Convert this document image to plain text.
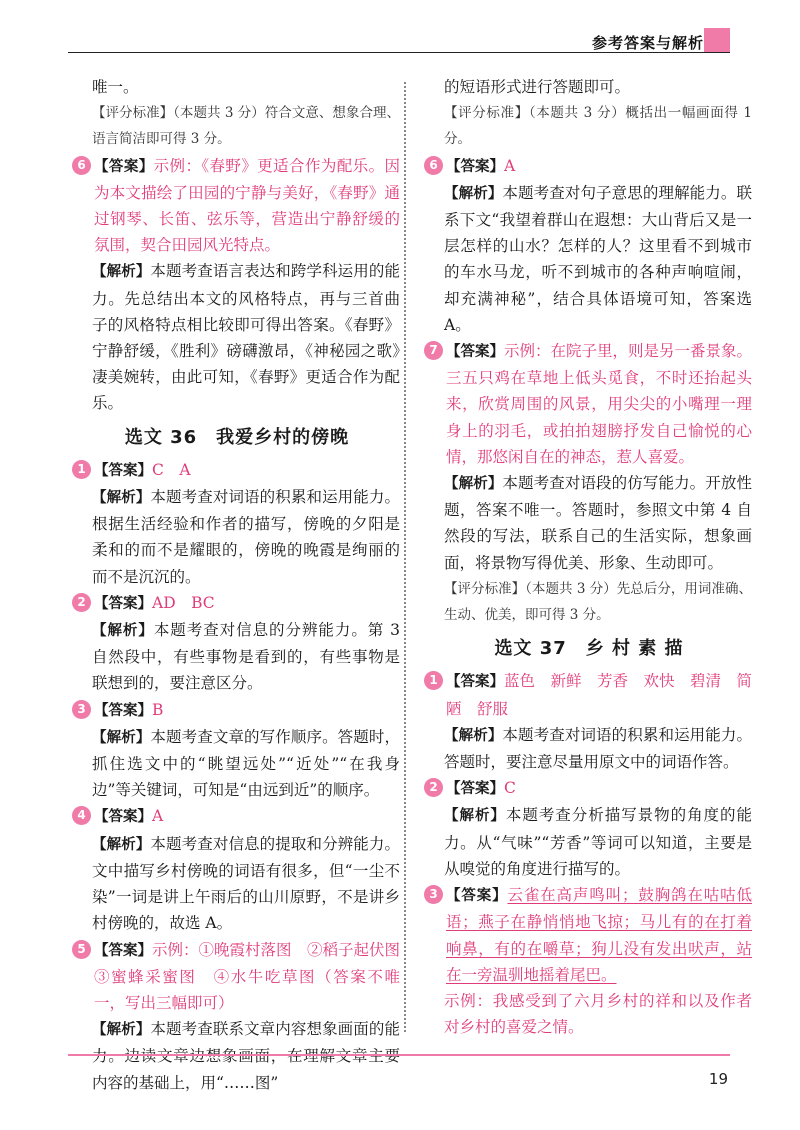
参考答案与解析

唯一。

【评分标准】（本题共 3 分）符合文意、想象合理、语言简洁即可得 3 分。

6 【答案】示例：《春野》更适合作为配乐。因为本文描绘了田园的宁静与美好，《春野》通过钢琴、长笛、弦乐等，营造出宁静舒缓的氛围，契合田园风光特点。

【解析】本题考查语言表达和跨学科运用的能力。先总结出本文的风格特点，再与三首曲子的风格特点相比较即可得出答案。《春野》宁静舒缓，《胜利》磅礴激昂，《神秘园之歌》凄美婉转，由此可知，《春野》更适合作为配乐。

选文 36　我爱乡村的傍晚
1 【答案】C　A

【解析】本题考查对词语的积累和运用能力。根据生活经验和作者的描写，傍晚的夕阳是柔和的而不是耀眼的，傍晚的晚霞是绚丽的而不是沉沉的。

2 【答案】AD　BC

【解析】本题考查对信息的分辨能力。第 3 自然段中，有些事物是看到的，有些事物是联想到的，要注意区分。

3 【答案】B

【解析】本题考查文章的写作顺序。答题时，抓住选文中的“眺望远处”“近处”“在我身边”等关键词，可知是“由远到近”的顺序。

4 【答案】A

【解析】本题考查对信息的提取和分辨能力。文中描写乡村傍晚的词语有很多，但“一尘不染”一词是讲上午雨后的山川原野，不是讲乡村傍晚的，故选 A。

5 【答案】示例：①晚霞村落图　②稻子起伏图　③蜜蜂采蜜图　④水牛吃草图（答案不唯一，写出三幅即可）

【解析】本题考查联系文章内容想象画面的能力。边读文章边想象画面，在理解文章主要内容的基础上，用“……图”

的短语形式进行答题即可。

【评分标准】（本题共 3 分）概括出一幅画面得 1 分。

6 【答案】A

【解析】本题考查对句子意思的理解能力。联系下文“我望着群山在遐想：大山背后又是一层怎样的山水？怎样的人？这里看不到城市的车水马龙，听不到城市的各种声响喧闹，却充满神秘”，结合具体语境可知，答案选 A。

7 【答案】示例：在院子里，则是另一番景象。三五只鸡在草地上低头觅食，不时还抬起头来，欣赏周围的风景，用尖尖的小嘴理一理身上的羽毛，或拍拍翅膀抒发自己愉悦的心情，那悠闲自在的神态，惹人喜爱。

【解析】本题考查对语段的仿写能力。开放性题，答案不唯一。答题时，参照文中第 4 自然段的写法，联系自己的生活实际，想象画面，将景物写得优美、形象、生动即可。

【评分标准】（本题共 3 分）先总后分，用词准确、生动、优美，即可得 3 分。

选文 37　乡 村 素 描
1 【答案】蓝色　新鲜　芳香　欢快　碧清　简陋　舒服

【解析】本题考查对词语的积累和运用能力。答题时，要注意尽量用原文中的词语作答。

2 【答案】C

【解析】本题考查分析描写景物的角度的能力。从“气味”“芳香”等词可以知道，主要是从嗅觉的角度进行描写的。

3 【答案】云雀在高声鸣叫；鼓胸鸽在咕咕低语；燕子在静悄悄地飞掠；马儿有的在打着响鼻，有的在嚼草；狗儿没有发出吠声，站在一旁温驯地摇着尾巴。

示例：我感受到了六月乡村的祥和以及作者对乡村的喜爱之情。

19
